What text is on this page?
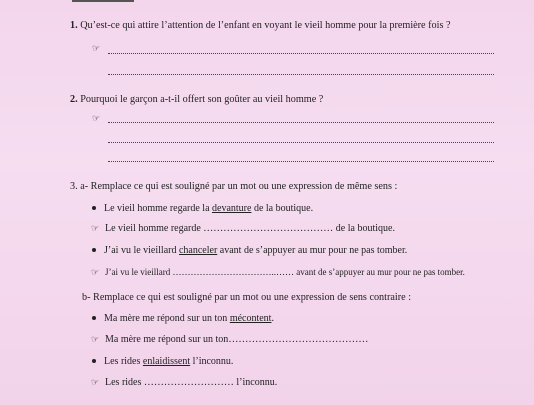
1. Qu’est-ce qui attire l’attention de l’enfant en voyant le vieil homme pour la première fois ?
☞
2. Pourquoi le garçon a-t-il offert son goûter au vieil homme ?
☞
3. a- Remplace ce qui est souligné par un mot ou une expression de même sens :
Le vieil homme regarde la devanture de la boutique.
☞ Le vieil homme regarde ………………………………… de la boutique.
J’ai vu le vieillard chanceler avant de s’appuyer au mur pour ne pas tomber.
☞ J’ai vu le vieillard ……………………………..…… avant de s’appuyer au mur pour ne pas tomber.
b- Remplace ce qui est souligné par un mot ou une expression de sens contraire :
Ma mère me répond sur un ton mécontent.
☞ Ma mère me répond sur un ton……………………………………
Les rides enlaidissent l’inconnu.
☞ Les rides ……………………… l’inconnu.
